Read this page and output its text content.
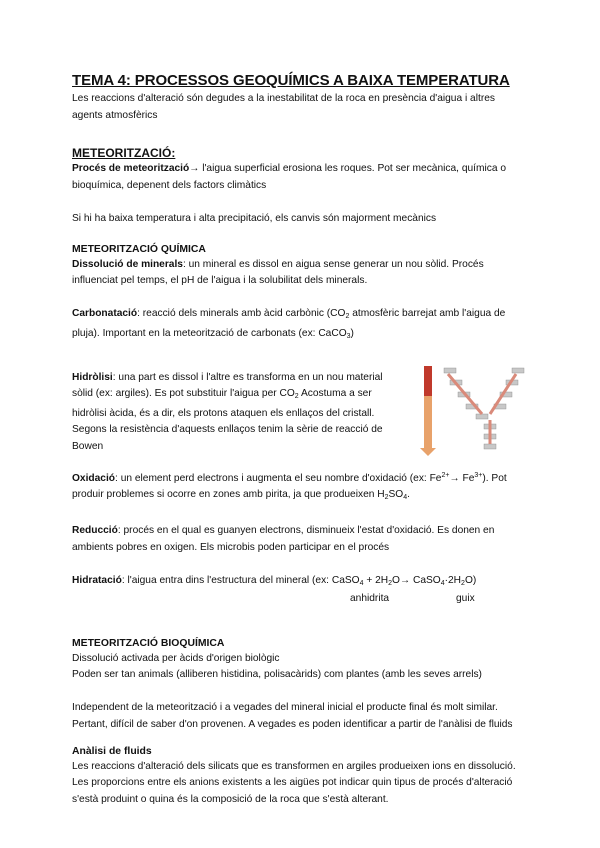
TEMA 4: PROCESSOS GEOQUÍMICS A BAIXA TEMPERATURA

Les reaccions d'alteració són degudes a la inestabilitat de la roca en presència d'aigua i altres agents atmosfèrics

METEORITZACIÓ:

Procés de meteorització→ l'aigua superficial erosiona les roques. Pot ser mecànica, química o bioquímica, depenent dels factors climàtics

Si hi ha baixa temperatura i alta precipitació, els canvis són majorment mecànics

METEORITZACIÓ QUÍMICA

Dissolució de minerals: un mineral es dissol en aigua sense generar un nou sòlid. Procés influenciat pel temps, el pH de l'aigua i la solubilitat dels minerals.

Carbonatació: reacció dels minerals amb àcid carbònic ($CO_2$ atmosfèric barrejat amb l'aigua de pluja). Important en la meteorització de carbonats (ex: CaCO$_3$)

Hidròlisi: una part es dissol i l'altre es transforma en un nou material sòlid (ex: argiles). Es pot substituir l'aigua per $CO_2$ Acostuma a ser hidròlisi àcida, és a dir, els protons ataquen els enllaços del cristall. Segons la resistència d'aquests enllaços tenim la sèrie de reacció de Bowen

Oxidació: un element perd electrons i augmenta el seu nombre d'oxidació (ex: $Fe^{2+}\to Fe^{3+}$). Pot produir problemes si ocorre en zones amb pirita, ja que produeixen $H_2SO_4$.

Reducció: procés en el qual es guanyen electrons, disminueix l'estat d'oxidació. Es donen en ambients pobres en oxigen. Els microbis poden participar en el procés

Hidratació: l'aigua entra dins l'estructura del mineral (ex: CaSO$_4$ + $2H_2O\to$ $CaSO_4\cdot 2H_2O$)

anhidrita	guix
METEORITZACIÓ BIOQUÍMICA

Dissolució activada per àcids d'origen biològic

Poden ser tan animals (alliberen histidina, polisacàrids) com plantes (amb les seves arrels)

Independent de la meteorització i a vegades del mineral inicial el producte final és molt similar. Pertant, difícil de saber d'on provenen. A vegades es poden identificar a partir de l'anàlisi de fluids

Anàlisi de fluids

Les reaccions d'alteració dels silicats que es transformen en argiles produeixen ions en dissolució. Les proporcions entre els anions existents a les aigües pot indicar quin tipus de procés d'alteració s'està produint o quina és la composició de la roca que s'està alterant.
